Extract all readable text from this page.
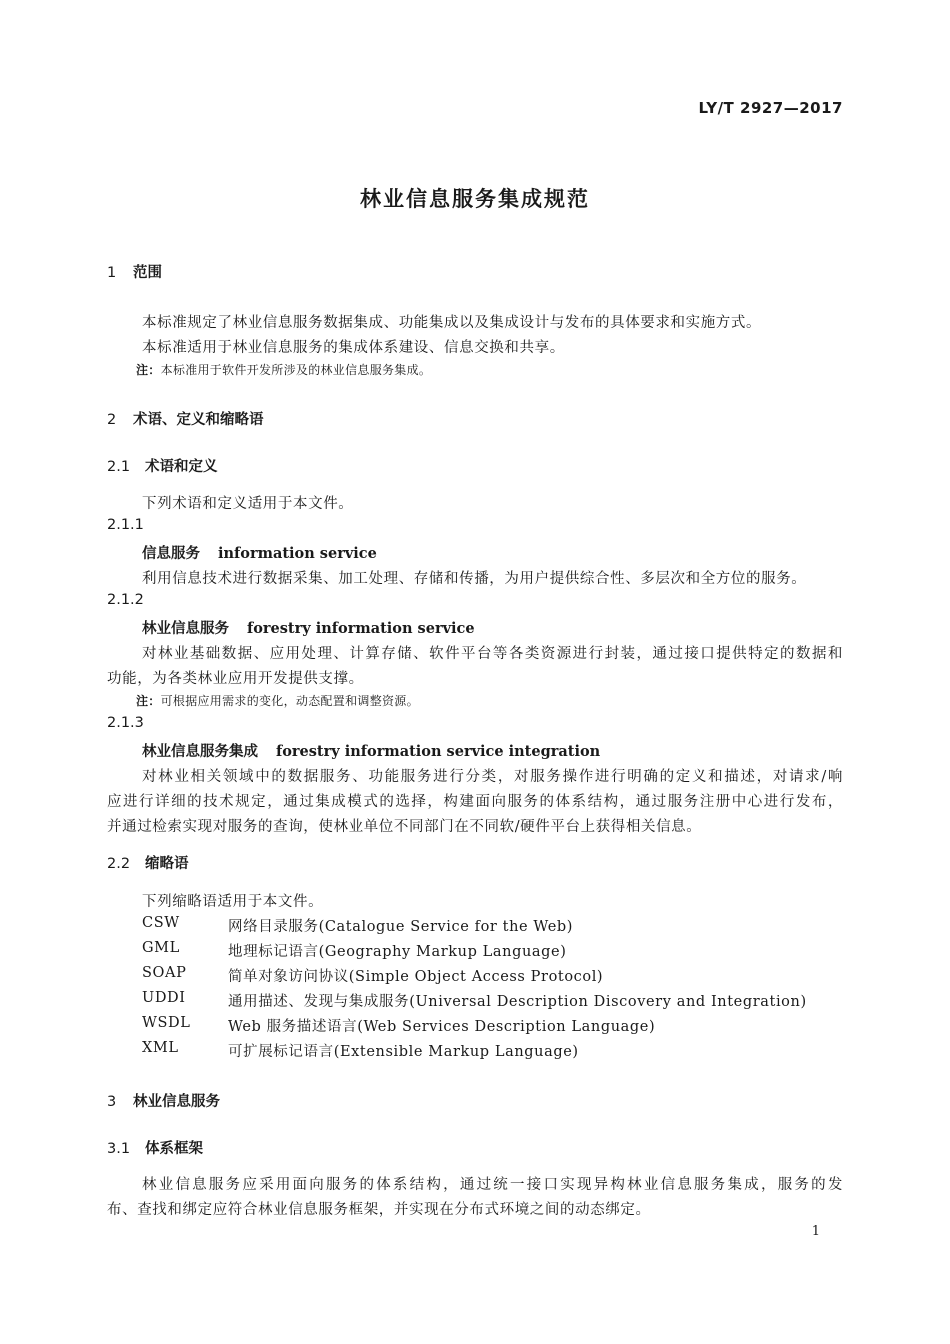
LY/T 2927—2017
林业信息服务集成规范
1 范围
本标准规定了林业信息服务数据集成、功能集成以及集成设计与发布的具体要求和实施方式。
本标准适用于林业信息服务的集成体系建设、信息交换和共享。
注：本标准用于软件开发所涉及的林业信息服务集成。
2 术语、定义和缩略语
2.1 术语和定义
下列术语和定义适用于本文件。
2.1.1
信息服务 information service
利用信息技术进行数据采集、加工处理、存储和传播，为用户提供综合性、多层次和全方位的服务。
2.1.2
林业信息服务 forestry information service
对林业基础数据、应用处理、计算存储、软件平台等各类资源进行封装，通过接口提供特定的数据和
功能，为各类林业应用开发提供支撑。
注：可根据应用需求的变化，动态配置和调整资源。
2.1.3
林业信息服务集成 forestry information service integration
对林业相关领域中的数据服务、功能服务进行分类，对服务操作进行明确的定义和描述，对请求/响
应进行详细的技术规定，通过集成模式的选择，构建面向服务的体系结构，通过服务注册中心进行发布，
并通过检索实现对服务的查询，使林业单位不同部门在不同软/硬件平台上获得相关信息。
2.2 缩略语
下列缩略语适用于本文件。
CSW	网络目录服务(Catalogue Service for the Web)
GML	地理标记语言(Geography Markup Language)
SOAP	简单对象访问协议(Simple Object Access Protocol)
UDDI	通用描述、发现与集成服务(Universal Description Discovery and Integration)
WSDL	Web 服务描述语言(Web Services Description Language)
XML	可扩展标记语言(Extensible Markup Language)
3 林业信息服务
3.1 体系框架
林业信息服务应采用面向服务的体系结构，通过统一接口实现异构林业信息服务集成，服务的发
布、查找和绑定应符合林业信息服务框架，并实现在分布式环境之间的动态绑定。
1
